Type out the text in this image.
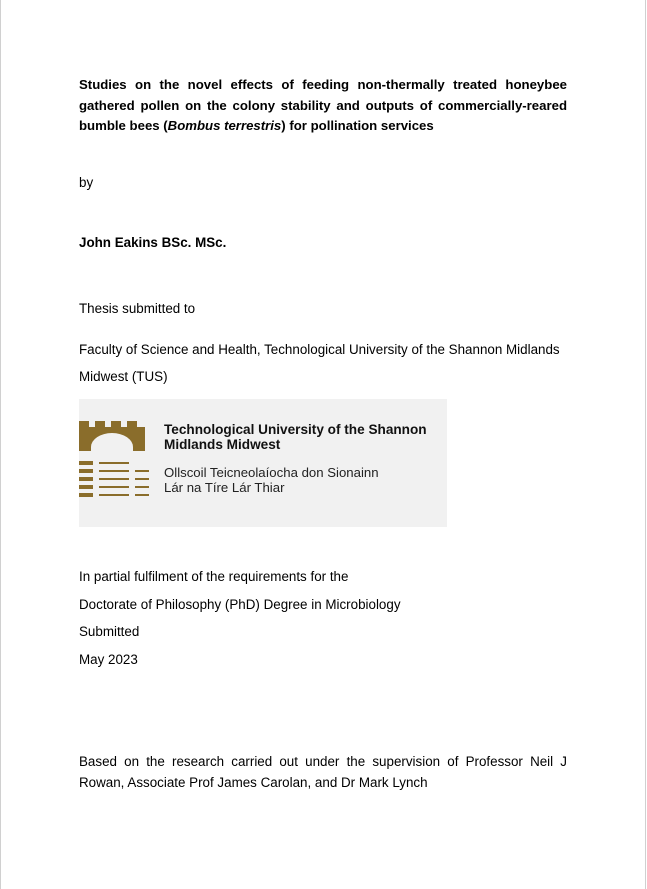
Studies on the novel effects of feeding non-thermally treated honeybee gathered pollen on the colony stability and outputs of commercially-reared bumble bees (Bombus terrestris) for pollination services
by
John Eakins BSc. MSc.
Thesis submitted to
Faculty of Science and Health, Technological University of the Shannon Midlands
Midwest (TUS)
Technological University of the Shannon
Midlands Midwest
Ollscoil Teicneolaíocha don Sionainn
Lár na Tíre Lár Thiar
In partial fulfilment of the requirements for the
Doctorate of Philosophy (PhD) Degree in Microbiology
Submitted
May 2023
Based on the research carried out under the supervision of Professor Neil J Rowan, Associate Prof James Carolan, and Dr Mark Lynch
